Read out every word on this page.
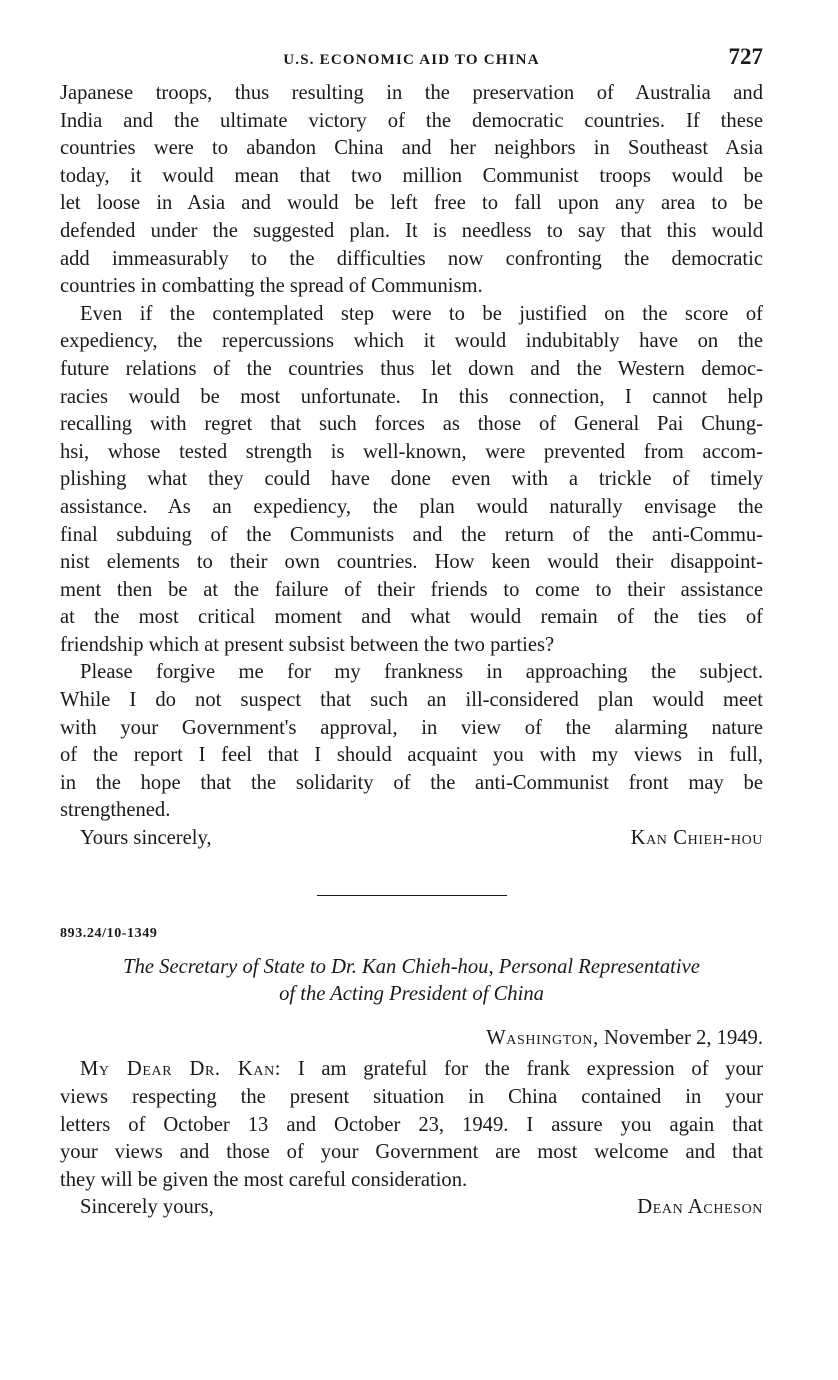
U.S. ECONOMIC AID TO CHINA	727

Japanese troops, thus resulting in the preservation of Australia and
India and the ultimate victory of the democratic countries. If these
countries were to abandon China and her neighbors in Southeast Asia
today, it would mean that two million Communist troops would be
let loose in Asia and would be left free to fall upon any area to be
defended under the suggested plan. It is needless to say that this would
add immeasurably to the difficulties now confronting the democratic
countries in combatting the spread of Communism.

Even if the contemplated step were to be justified on the score of
expediency, the repercussions which it would indubitably have on the
future relations of the countries thus let down and the Western democ-
racies would be most unfortunate. In this connection, I cannot help
recalling with regret that such forces as those of General Pai Chung-
hsi, whose tested strength is well-known, were prevented from accom-
plishing what they could have done even with a trickle of timely
assistance. As an expediency, the plan would naturally envisage the
final subduing of the Communists and the return of the anti-Commu-
nist elements to their own countries. How keen would their disappoint-
ment then be at the failure of their friends to come to their assistance
at the most critical moment and what would remain of the ties of
friendship which at present subsist between the two parties?

Please forgive me for my frankness in approaching the subject.
While I do not suspect that such an ill-considered plan would meet
with your Government's approval, in view of the alarming nature
of the report I feel that I should acquaint you with my views in full,
in the hope that the solidarity of the anti-Communist front may be
strengthened.

Yours sincerely,	Kan Chieh-hou
893.24/10-1349
The Secretary of State to Dr. Kan Chieh-hou, Personal Representative
of the Acting President of China
Washington, November 2, 1949.

My Dear Dr. Kan: I am grateful for the frank expression of your
views respecting the present situation in China contained in your
letters of October 13 and October 23, 1949. I assure you again that
your views and those of your Government are most welcome and that
they will be given the most careful consideration.

Sincerely yours,	Dean Acheson
